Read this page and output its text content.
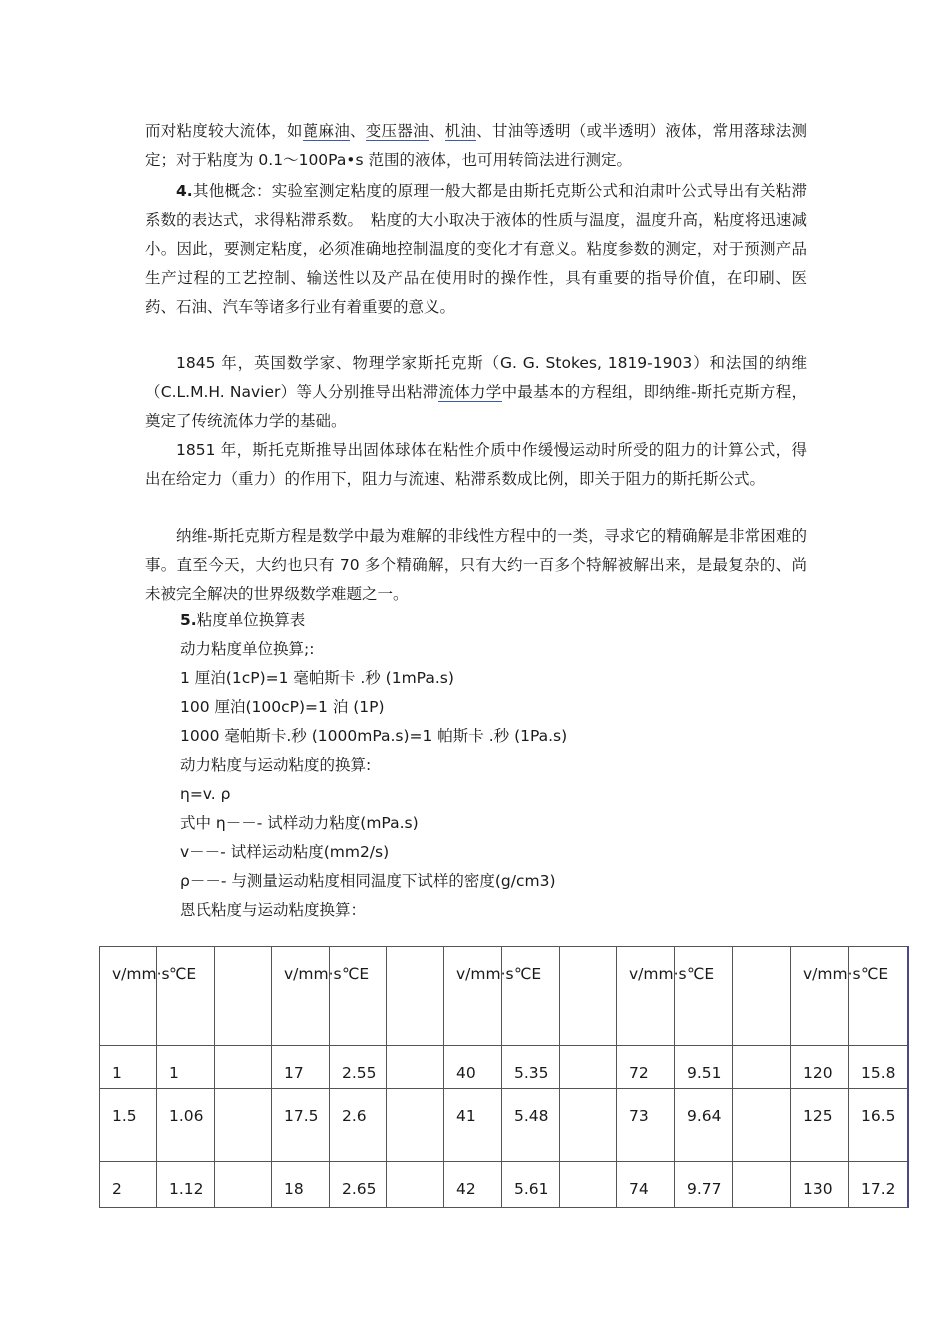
而对粘度较大流体，如蓖麻油、变压器油、机油、甘油等透明（或半透明）液体，常用落球法测定；对于粘度为 0.1～100Pa•s 范围的液体，也可用转筒法进行测定。

4.其他概念：实验室测定粘度的原理一般大都是由斯托克斯公式和泊肃叶公式导出有关粘滞系数的表达式，求得粘滞系数。　粘度的大小取决于液体的性质与温度，温度升高，粘度将迅速减小。因此，要测定粘度，必须准确地控制温度的变化才有意义。粘度参数的测定，对于预测产品生产过程的工艺控制、输送性以及产品在使用时的操作性，具有重要的指导价值，在印刷、医药、石油、汽车等诸多行业有着重要的意义。

1845 年，英国数学家、物理学家斯托克斯（G. G. Stokes, 1819-1903）和法国的纳维（C.L.M.H. Navier）等人分别推导出粘滞流体力学中最基本的方程组，即纳维-斯托克斯方程，奠定了传统流体力学的基础。

1851 年，斯托克斯推导出固体球体在粘性介质中作缓慢运动时所受的阻力的计算公式，得出在给定力（重力）的作用下，阻力与流速、粘滞系数成比例，即关于阻力的斯托斯公式。

纳维-斯托克斯方程是数学中最为难解的非线性方程中的一类，寻求它的精确解是非常困难的事。直至今天，大约也只有 70 多个精确解，只有大约一百多个特解被解出来，是最复杂的、尚未被完全解决的世界级数学难题之一。

5.粘度单位换算表
动力粘度单位换算;:
1 厘泊(1cP)=1 毫帕斯卡 .秒 (1mPa.s)
100 厘泊(100cP)=1 泊 (1P)
1000 毫帕斯卡.秒 (1000mPa.s)=1 帕斯卡 .秒 (1Pa.s)
动力粘度与运动粘度的换算:
η=v. ρ
式中 η－－- 试样动力粘度(mPa.s)
v－－- 试样运动粘度(mm2/s)
ρ－－- 与测量运动粘度相同温度下试样的密度(g/cm3)
恩氏粘度与运动粘度换算：
v/mm·s	℃E		v/mm·s	℃E		v/mm·s	℃E		v/mm·s	℃E		v/mm·s	℃E

1	1		17	2.55		40	5.35		72	9.51		120	15.8

1.5	1.06		17.5	2.6		41	5.48		73	9.64		125	16.5

2	1.12		18	2.65		42	5.61		74	9.77		130	17.2
